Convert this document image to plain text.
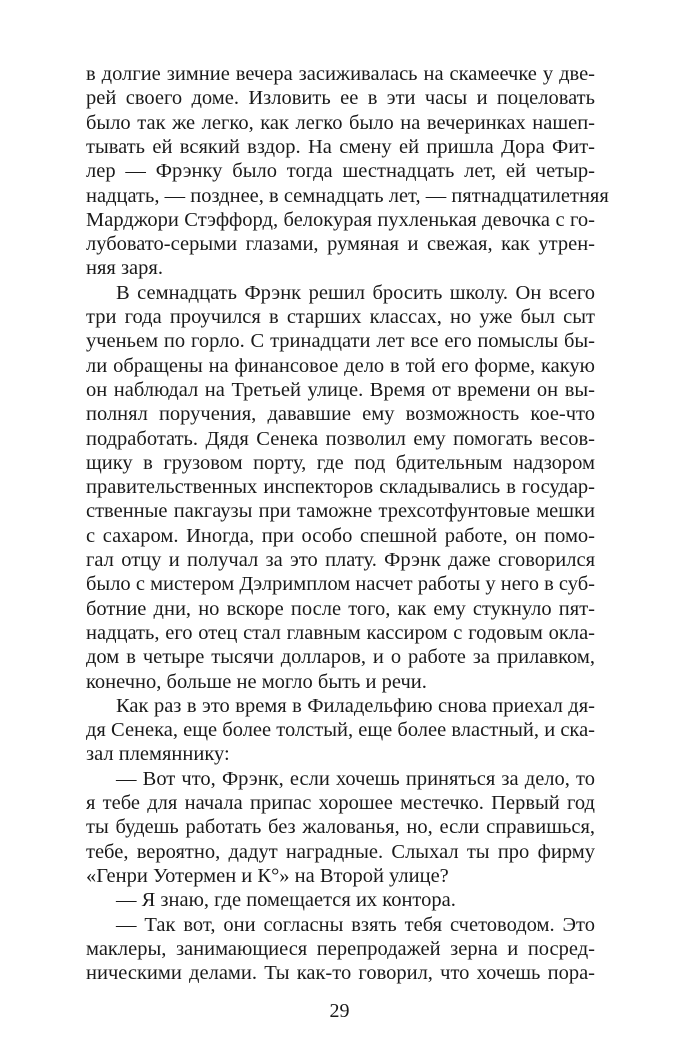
в долгие зимние вечера засиживалась на скамеечке у две-
рей своего доме. Изловить ее в эти часы и поцеловать
было так же легко, как легко было на вечеринках нашеп-
тывать ей всякий вздор. На смену ей пришла Дора Фит-
лер — Фрэнку было тогда шестнадцать лет, ей четыр-
надцать, — позднее, в семнадцать лет, — пятнадцатилетняя
Марджори Стэффорд, белокурая пухленькая девочка с го-
лубовато-серыми глазами, румяная и свежая, как утрен-
няя заря.
В семнадцать Фрэнк решил бросить школу. Он всего
три года проучился в старших классах, но уже был сыт
ученьем по горло. С тринадцати лет все его помыслы бы-
ли обращены на финансовое дело в той его форме, какую
он наблюдал на Третьей улице. Время от времени он вы-
полнял поручения, дававшие ему возможность кое-что
подработать. Дядя Сенека позволил ему помогать весов-
щику в грузовом порту, где под бдительным надзором
правительственных инспекторов складывались в государ-
ственные пакгаузы при таможне трехсотфунтовые мешки
с сахаром. Иногда, при особо спешной работе, он помо-
гал отцу и получал за это плату. Фрэнк даже сговорился
было с мистером Дэлримплом насчет работы у него в суб-
ботние дни, но вскоре после того, как ему стукнуло пят-
надцать, его отец стал главным кассиром с годовым окла-
дом в четыре тысячи долларов, и о работе за прилавком,
конечно, больше не могло быть и речи.
Как раз в это время в Филадельфию снова приехал дя-
дя Сенека, еще более толстый, еще более властный, и ска-
зал племяннику:
— Вот что, Фрэнк, если хочешь приняться за дело, то
я тебе для начала припас хорошее местечко. Первый год
ты будешь работать без жалованья, но, если справишься,
тебе, вероятно, дадут наградные. Слыхал ты про фирму
«Генри Уотермен и К°» на Второй улице?
— Я знаю, где помещается их контора.
— Так вот, они согласны взять тебя счетоводом. Это
маклеры, занимающиеся перепродажей зерна и посред-
ническими делами. Ты как-то говорил, что хочешь пора-
29
